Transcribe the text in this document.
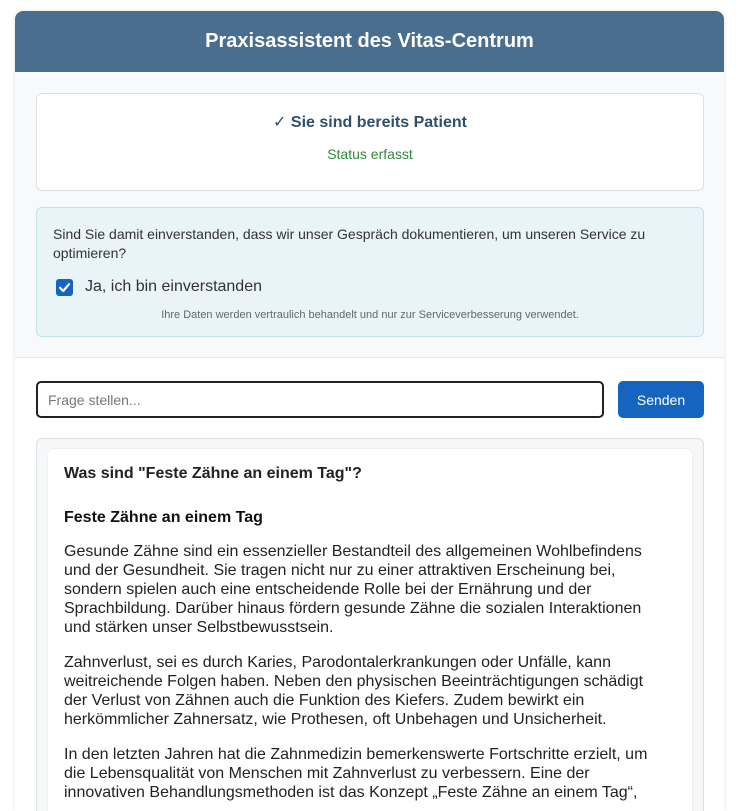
Praxisassistent des Vitas-Centrum
✓ Sie sind bereits Patient
Status erfasst
Sind Sie damit einverstanden, dass wir unser Gespräch dokumentieren, um unseren Service zu optimieren?
Ja, ich bin einverstanden
Ihre Daten werden vertraulich behandelt und nur zur Serviceverbesserung verwendet.
Frage stellen...
Senden
Was sind "Feste Zähne an einem Tag"?
Feste Zähne an einem Tag

Gesunde Zähne sind ein essenzieller Bestandteil des allgemeinen Wohlbefindens und der Gesundheit. Sie tragen nicht nur zu einer attraktiven Erscheinung bei, sondern spielen auch eine entscheidende Rolle bei der Ernährung und der Sprachbildung. Darüber hinaus fördern gesunde Zähne die sozialen Interaktionen und stärken unser Selbstbewusstsein.

Zahnverlust, sei es durch Karies, Parodontalerkrankungen oder Unfälle, kann weitreichende Folgen haben. Neben den physischen Beeinträchtigungen schädigt der Verlust von Zähnen auch die Funktion des Kiefers. Zudem bewirkt ein herkömmlicher Zahnersatz, wie Prothesen, oft Unbehagen und Unsicherheit.

In den letzten Jahren hat die Zahnmedizin bemerkenswerte Fortschritte erzielt, um die Lebensqualität von Menschen mit Zahnverlust zu verbessern. Eine der innovativen Behandlungsmethoden ist das Konzept „Feste Zähne an einem Tag“,
